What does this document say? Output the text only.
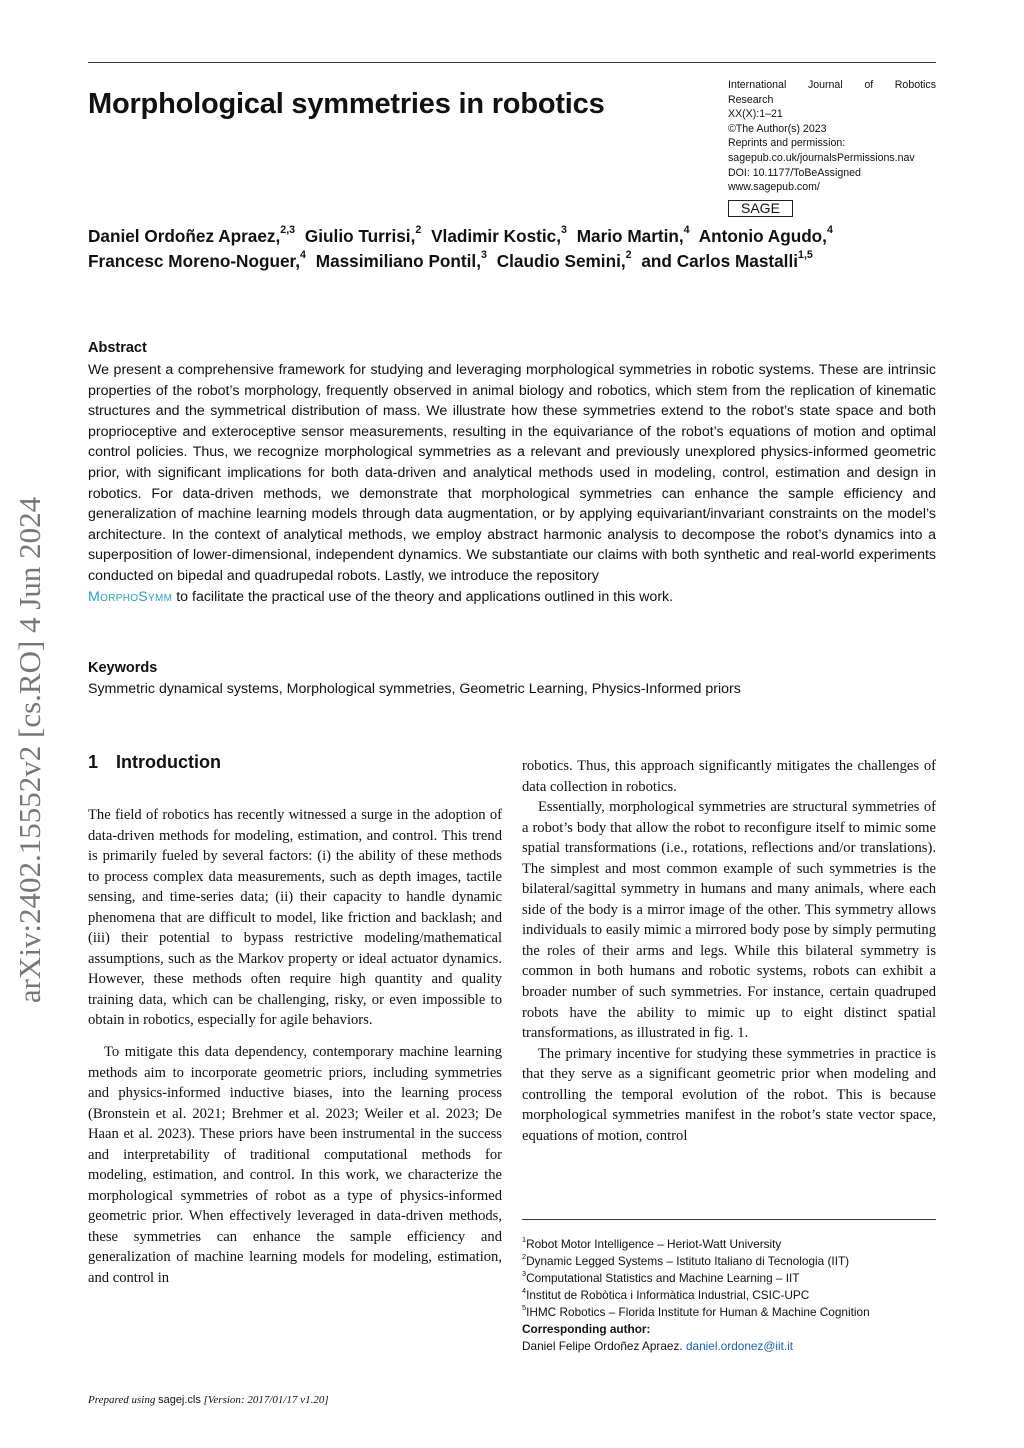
Morphological symmetries in robotics
International Journal of Robotics
Research
XX(X):1–21
©The Author(s) 2023
Reprints and permission:
sagepub.co.uk/journalsPermissions.nav
DOI: 10.1177/ToBeAssigned
www.sagepub.com/
SAGE
Daniel Ordoñez Apraez,$^{2,3}$ Giulio Turrisi,$^2$ Vladimir Kostic,$^3$ Mario Martin,$^4$ Antonio Agudo,$^4$
Francesc Moreno-Noguer,$^4$ Massimiliano Pontil,$^3$ Claudio Semini,$^2$ and Carlos Mastalli$^{1,5}$
Abstract
We present a comprehensive framework for studying and leveraging morphological symmetries in robotic systems. These are intrinsic properties of the robot’s morphology, frequently observed in animal biology and robotics, which stem from the replication of kinematic structures and the symmetrical distribution of mass. We illustrate how these symmetries extend to the robot’s state space and both proprioceptive and exteroceptive sensor measurements, resulting in the equivariance of the robot’s equations of motion and optimal control policies. Thus, we recognize morphological symmetries as a relevant and previously unexplored physics-informed geometric prior, with significant implications for both data-driven and analytical methods used in modeling, control, estimation and design in robotics. For data-driven methods, we demonstrate that morphological symmetries can enhance the sample efficiency and generalization of machine learning models through data augmentation, or by applying equivariant/invariant constraints on the model’s architecture. In the context of analytical methods, we employ abstract harmonic analysis to decompose the robot’s dynamics into a superposition of lower-dimensional, independent dynamics. We substantiate our claims with both synthetic and real-world experiments conducted on bipedal and quadrupedal robots. Lastly, we introduce the repository
MorphoSymm to facilitate the practical use of the theory and applications outlined in this work.
Keywords
Symmetric dynamical systems, Morphological symmetries, Geometric Learning, Physics-Informed priors
arXiv:2402.15552v2 [cs.RO] 4 Jun 2024 1 Introduction

The field of robotics has recently witnessed a surge in the adoption of data-driven methods for modeling, estimation, and control. This trend is primarily fueled by several factors: (i) the ability of these methods to process complex data measurements, such as depth images, tactile sensing, and time-series data; (ii) their capacity to handle dynamic phenomena that are difficult to model, like friction and backlash; and (iii) their potential to bypass restrictive modeling/mathematical assumptions, such as the Markov property or ideal actuator dynamics. However, these methods often require high quantity and quality training data, which can be challenging, risky, or even impossible to obtain in robotics, especially for agile behaviors.

To mitigate this data dependency, contemporary machine learning methods aim to incorporate geometric priors, including symmetries and physics-informed inductive biases, into the learning process (Bronstein et al. 2021; Brehmer et al. 2023; Weiler et al. 2023; De Haan et al. 2023). These priors have been instrumental in the success and interpretability of traditional computational methods for modeling, estimation, and control. In this work, we characterize the morphological symmetries of robot as a type of physics-informed geometric prior. When effectively leveraged in data-driven methods, these symmetries can enhance the sample efficiency and generalization of machine learning models for modeling, estimation, and control in

robotics. Thus, this approach significantly mitigates the challenges of data collection in robotics.

Essentially, morphological symmetries are structural symmetries of a robot’s body that allow the robot to reconfigure itself to mimic some spatial transformations (i.e., rotations, reflections and/or translations). The simplest and most common example of such symmetries is the bilateral/sagittal symmetry in humans and many animals, where each side of the body is a mirror image of the other. This symmetry allows individuals to easily mimic a mirrored body pose by simply permuting the roles of their arms and legs. While this bilateral symmetry is common in both humans and robotic systems, robots can exhibit a broader number of such symmetries. For instance, certain quadruped robots have the ability to mimic up to eight distinct spatial transformations, as illustrated in fig. 1.

The primary incentive for studying these symmetries in practice is that they serve as a significant geometric prior when modeling and controlling the temporal evolution of the robot. This is because morphological symmetries manifest in the robot’s state vector space, equations of motion, control

$^1$Robot Motor Intelligence – Heriot-Watt University
$^2$Dynamic Legged Systems – Istituto Italiano di Tecnologia (IIT)
$^3$Computational Statistics and Machine Learning – IIT
$^4$Institut de Robòtica i Informàtica Industrial, CSIC-UPC
$^5$IHMC Robotics – Florida Institute for Human & Machine Cognition
Corresponding author:
Daniel Felipe Ordoñez Apraez. daniel.ordonez@iit.it
Prepared using sagej.cls [Version: 2017/01/17 v1.20]
